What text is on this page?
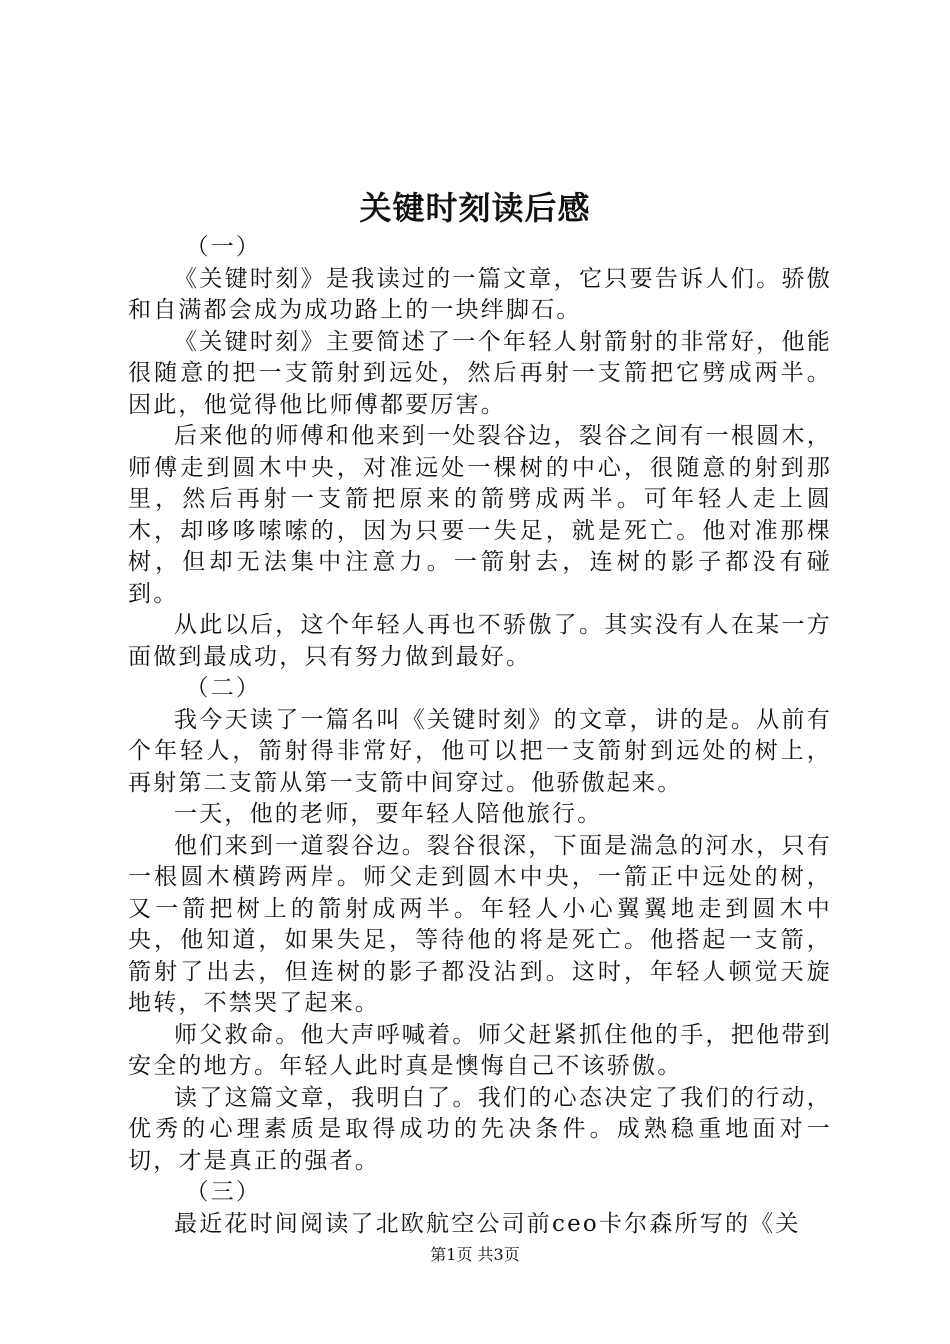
关键时刻读后感

（一）

《关键时刻》是我读过的一篇文章，它只要告诉人们。骄傲和自满都会成为成功路上的一块绊脚石。

《关键时刻》主要简述了一个年轻人射箭射的非常好，他能很随意的把一支箭射到远处，然后再射一支箭把它劈成两半。因此，他觉得他比师傅都要厉害。

后来他的师傅和他来到一处裂谷边，裂谷之间有一根圆木，师傅走到圆木中央，对准远处一棵树的中心，很随意的射到那里，然后再射一支箭把原来的箭劈成两半。可年轻人走上圆木，却哆哆嗦嗦的，因为只要一失足，就是死亡。他对准那棵树，但却无法集中注意力。一箭射去，连树的影子都没有碰到。

从此以后，这个年轻人再也不骄傲了。其实没有人在某一方面做到最成功，只有努力做到最好。

（二）

我今天读了一篇名叫《关键时刻》的文章，讲的是。从前有个年轻人，箭射得非常好，他可以把一支箭射到远处的树上，再射第二支箭从第一支箭中间穿过。他骄傲起来。

一天，他的老师，要年轻人陪他旅行。

他们来到一道裂谷边。裂谷很深，下面是湍急的河水，只有一根圆木横跨两岸。师父走到圆木中央，一箭正中远处的树，又一箭把树上的箭射成两半。年轻人小心翼翼地走到圆木中央，他知道，如果失足，等待他的将是死亡。他搭起一支箭，箭射了出去，但连树的影子都没沾到。这时，年轻人顿觉天旋地转，不禁哭了起来。

师父救命。他大声呼喊着。师父赶紧抓住他的手，把他带到安全的地方。年轻人此时真是懊悔自己不该骄傲。

读了这篇文章，我明白了。我们的心态决定了我们的行动，优秀的心理素质是取得成功的先决条件。成熟稳重地面对一切，才是真正的强者。

（三）

最近花时间阅读了北欧航空公司前ceo卡尔森所写的《关

第1页 共3页
